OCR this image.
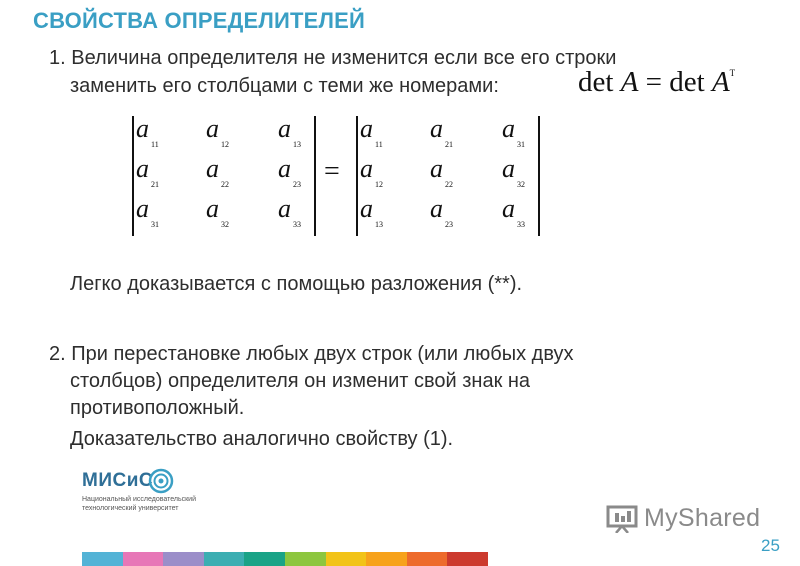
СВОЙСТВА ОПРЕДЕЛИТЕЛЕЙ
1. Величина определителя не изменится если все его строки
заменить его столбцами с теми же номерами:	$\det A = \det A^T$
=
$a_{11}$
$a_{12}$
$a_{13}$
$a_{21}$
$a_{22}$
$a_{23}$
$a_{31}$
$a_{32}$
$a_{33}$
$a_{11}$
$a_{21}$
$a_{31}$
$a_{12}$
$a_{22}$
$a_{32}$
$a_{13}$
$a_{23}$
$a_{33}$
Легко доказывается с помощью разложения (**).
2. При перестановке любых двух строк (или любых двух
столбцов) определителя он изменит свой знак на
противоположный.
Доказательство аналогично свойству (1).
МИСиС
Национальный исследовательский
технологический университет	MyShared
25
